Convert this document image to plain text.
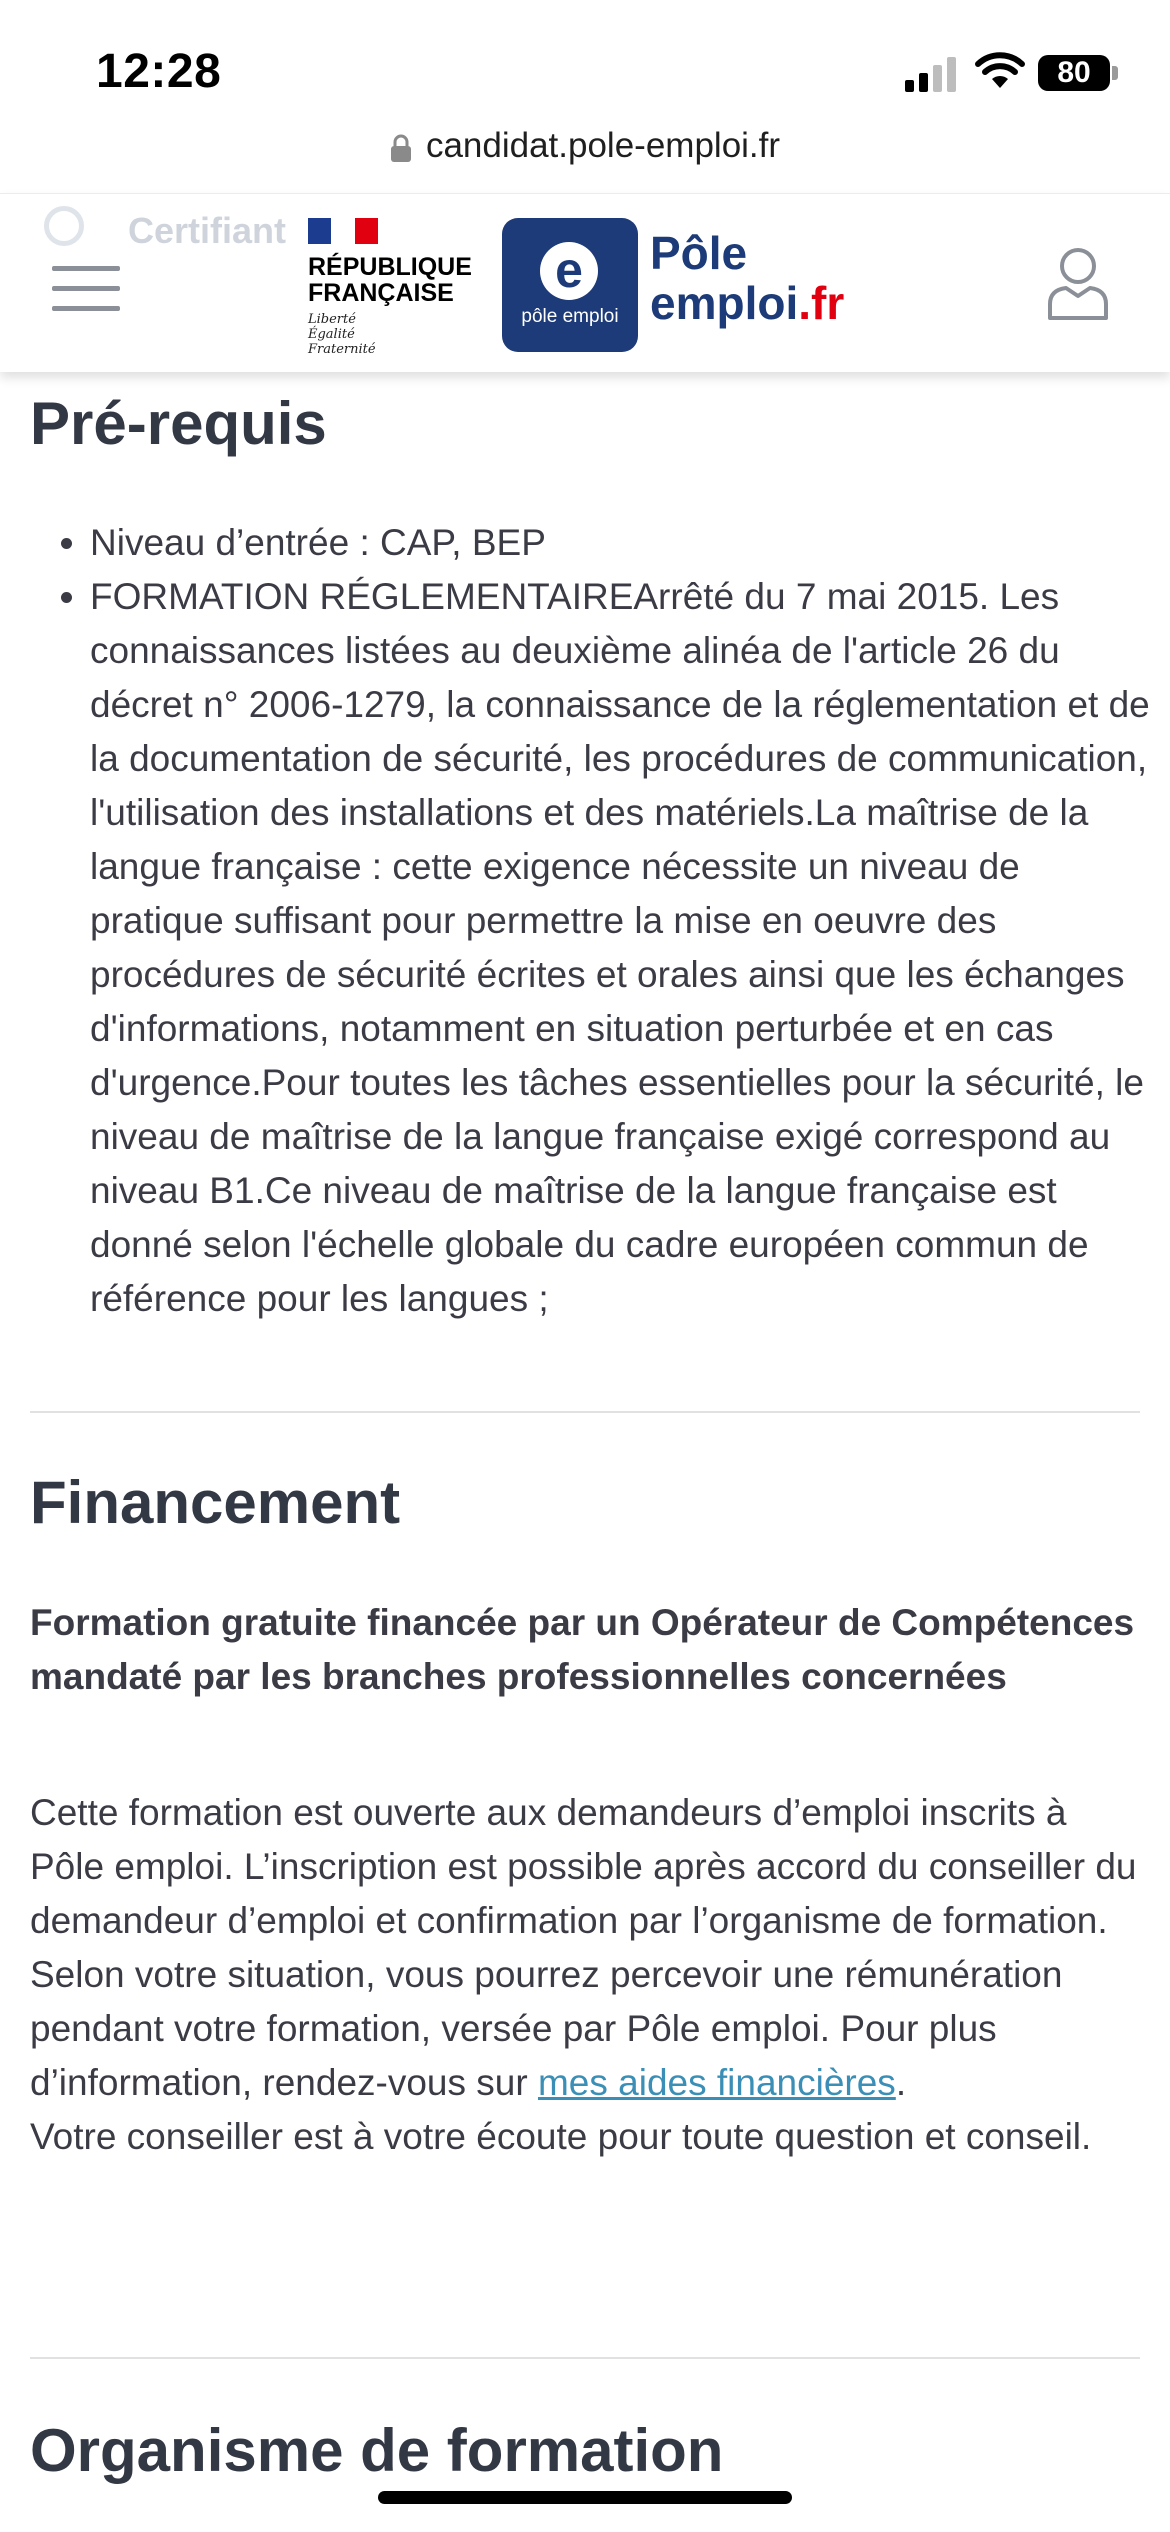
12:28	80
candidat.pole-emploi.fr
Certifiant
RÉPUBLIQUE
FRANÇAISE
Liberté
Égalité
Fraternité
e
pôle emploi
Pôle
emploi.fr
Pré-requis
• Niveau d’entrée : CAP, BEP
• FORMATION RÉGLEMENTAIREArrêté du 7 mai 2015. Les connaissances listées au deuxième alinéa de l'article 26 du décret n° 2006-1279, la connaissance de la réglementation et de la documentation de sécurité, les procédures de communication, l'utilisation des installations et des matériels.La maîtrise de la langue française : cette exigence nécessite un niveau de pratique suffisant pour permettre la mise en oeuvre des procédures de sécurité écrites et orales ainsi que les échanges d'informations, notamment en situation perturbée et en cas d'urgence.Pour toutes les tâches essentielles pour la sécurité, le niveau de maîtrise de la langue française exigé correspond au niveau B1.Ce niveau de maîtrise de la langue française est donné selon l'échelle globale du cadre européen commun de référence pour les langues ;
Financement
Formation gratuite financée par un Opérateur de Compétences mandaté par les branches professionnelles concernées

Cette formation est ouverte aux demandeurs d’emploi inscrits à Pôle emploi. L’inscription est possible après accord du conseiller du demandeur d’emploi et confirmation par l’organisme de formation.

Selon votre situation, vous pourrez percevoir une rémunération pendant votre formation, versée par Pôle emploi. Pour plus d’information, rendez-vous sur mes aides financières.

Votre conseiller est à votre écoute pour toute question et conseil.

Organisme de formation
